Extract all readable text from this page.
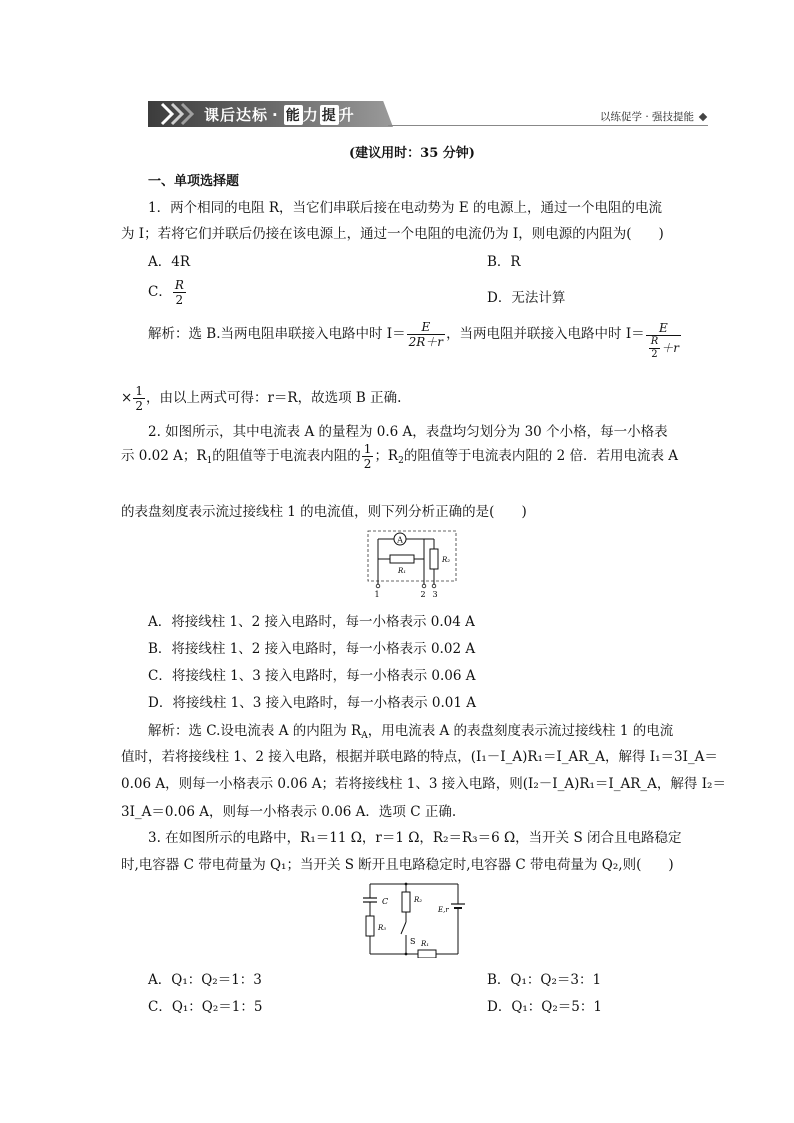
课后达标 · 能 力 提 升	以练促学 · 强技提能
(建议用时：35 分钟)
一、单项选择题
1．两个相同的电阻 R，当它们串联后接在电动势为 E 的电源上，通过一个电阻的电流
为 I；若将它们并联后仍接在该电源上，通过一个电阻的电流仍为 I，则电源的内阻为(　　)
A．4R	B．R
C． $\frac{R}{2}$	D．无法计算
解析：选 B.当两电阻串联接入电路中时 $I= \frac{E}{2R+r}$ ，当两电阻并联接入电路中时 $I= \frac{E}{\frac{R}{2} +r}$
× $\frac{1}{2}$ ，由以上两式可得：r＝R，故选项 B 正确.
2. 如图所示，其中电流表 A 的量程为 0.6 A，表盘均匀划分为 30 个小格，每一小格表
示 0.02 A；$R_1$的阻值等于电流表内阻的 $\frac{1}{2}$ ；$R_2$的阻值等于电流表内阻的 2 倍．若用电流表 A
的表盘刻度表示流过接线柱 1 的电流值，则下列分析正确的是(　　)
A
R₁
R₂
1	2 3
A．将接线柱 1、2 接入电路时，每一小格表示 0.04 A
B．将接线柱 1、2 接入电路时，每一小格表示 0.02 A
C．将接线柱 1、3 接入电路时，每一小格表示 0.06 A
D．将接线柱 1、3 接入电路时，每一小格表示 0.01 A
解析：选 C.设电流表 A 的内阻为 $R_A$，用电流表 A 的表盘刻度表示流过接线柱 1 的电流
值时，若将接线柱 1、2 接入电路，根据并联电路的特点，(I₁－I_A)R₁＝I_AR_A，解得 I₁＝3I_A＝
0.06 A，则每一小格表示 0.06 A；若将接线柱 1、3 接入电路，则(I₂－I_A)R₁＝I_AR_A，解得 I₂＝
3I_A＝0.06 A，则每一小格表示 0.06 A．选项 C 正确.
3. 在如图所示的电路中，R₁＝11 Ω，r＝1 Ω，R₂＝R₃＝6 Ω，当开关 S 闭合且电路稳定
时,电容器 C 带电荷量为 Q₁；当开关 S 断开且电路稳定时,电容器 C 带电荷量为 Q₂,则(　　)
C
R₃
R₂
S
E,r
R₁
A．Q₁：Q₂＝1：3	B．Q₁：Q₂＝3：1
C．Q₁：Q₂＝1：5	D．Q₁：Q₂＝5：1
